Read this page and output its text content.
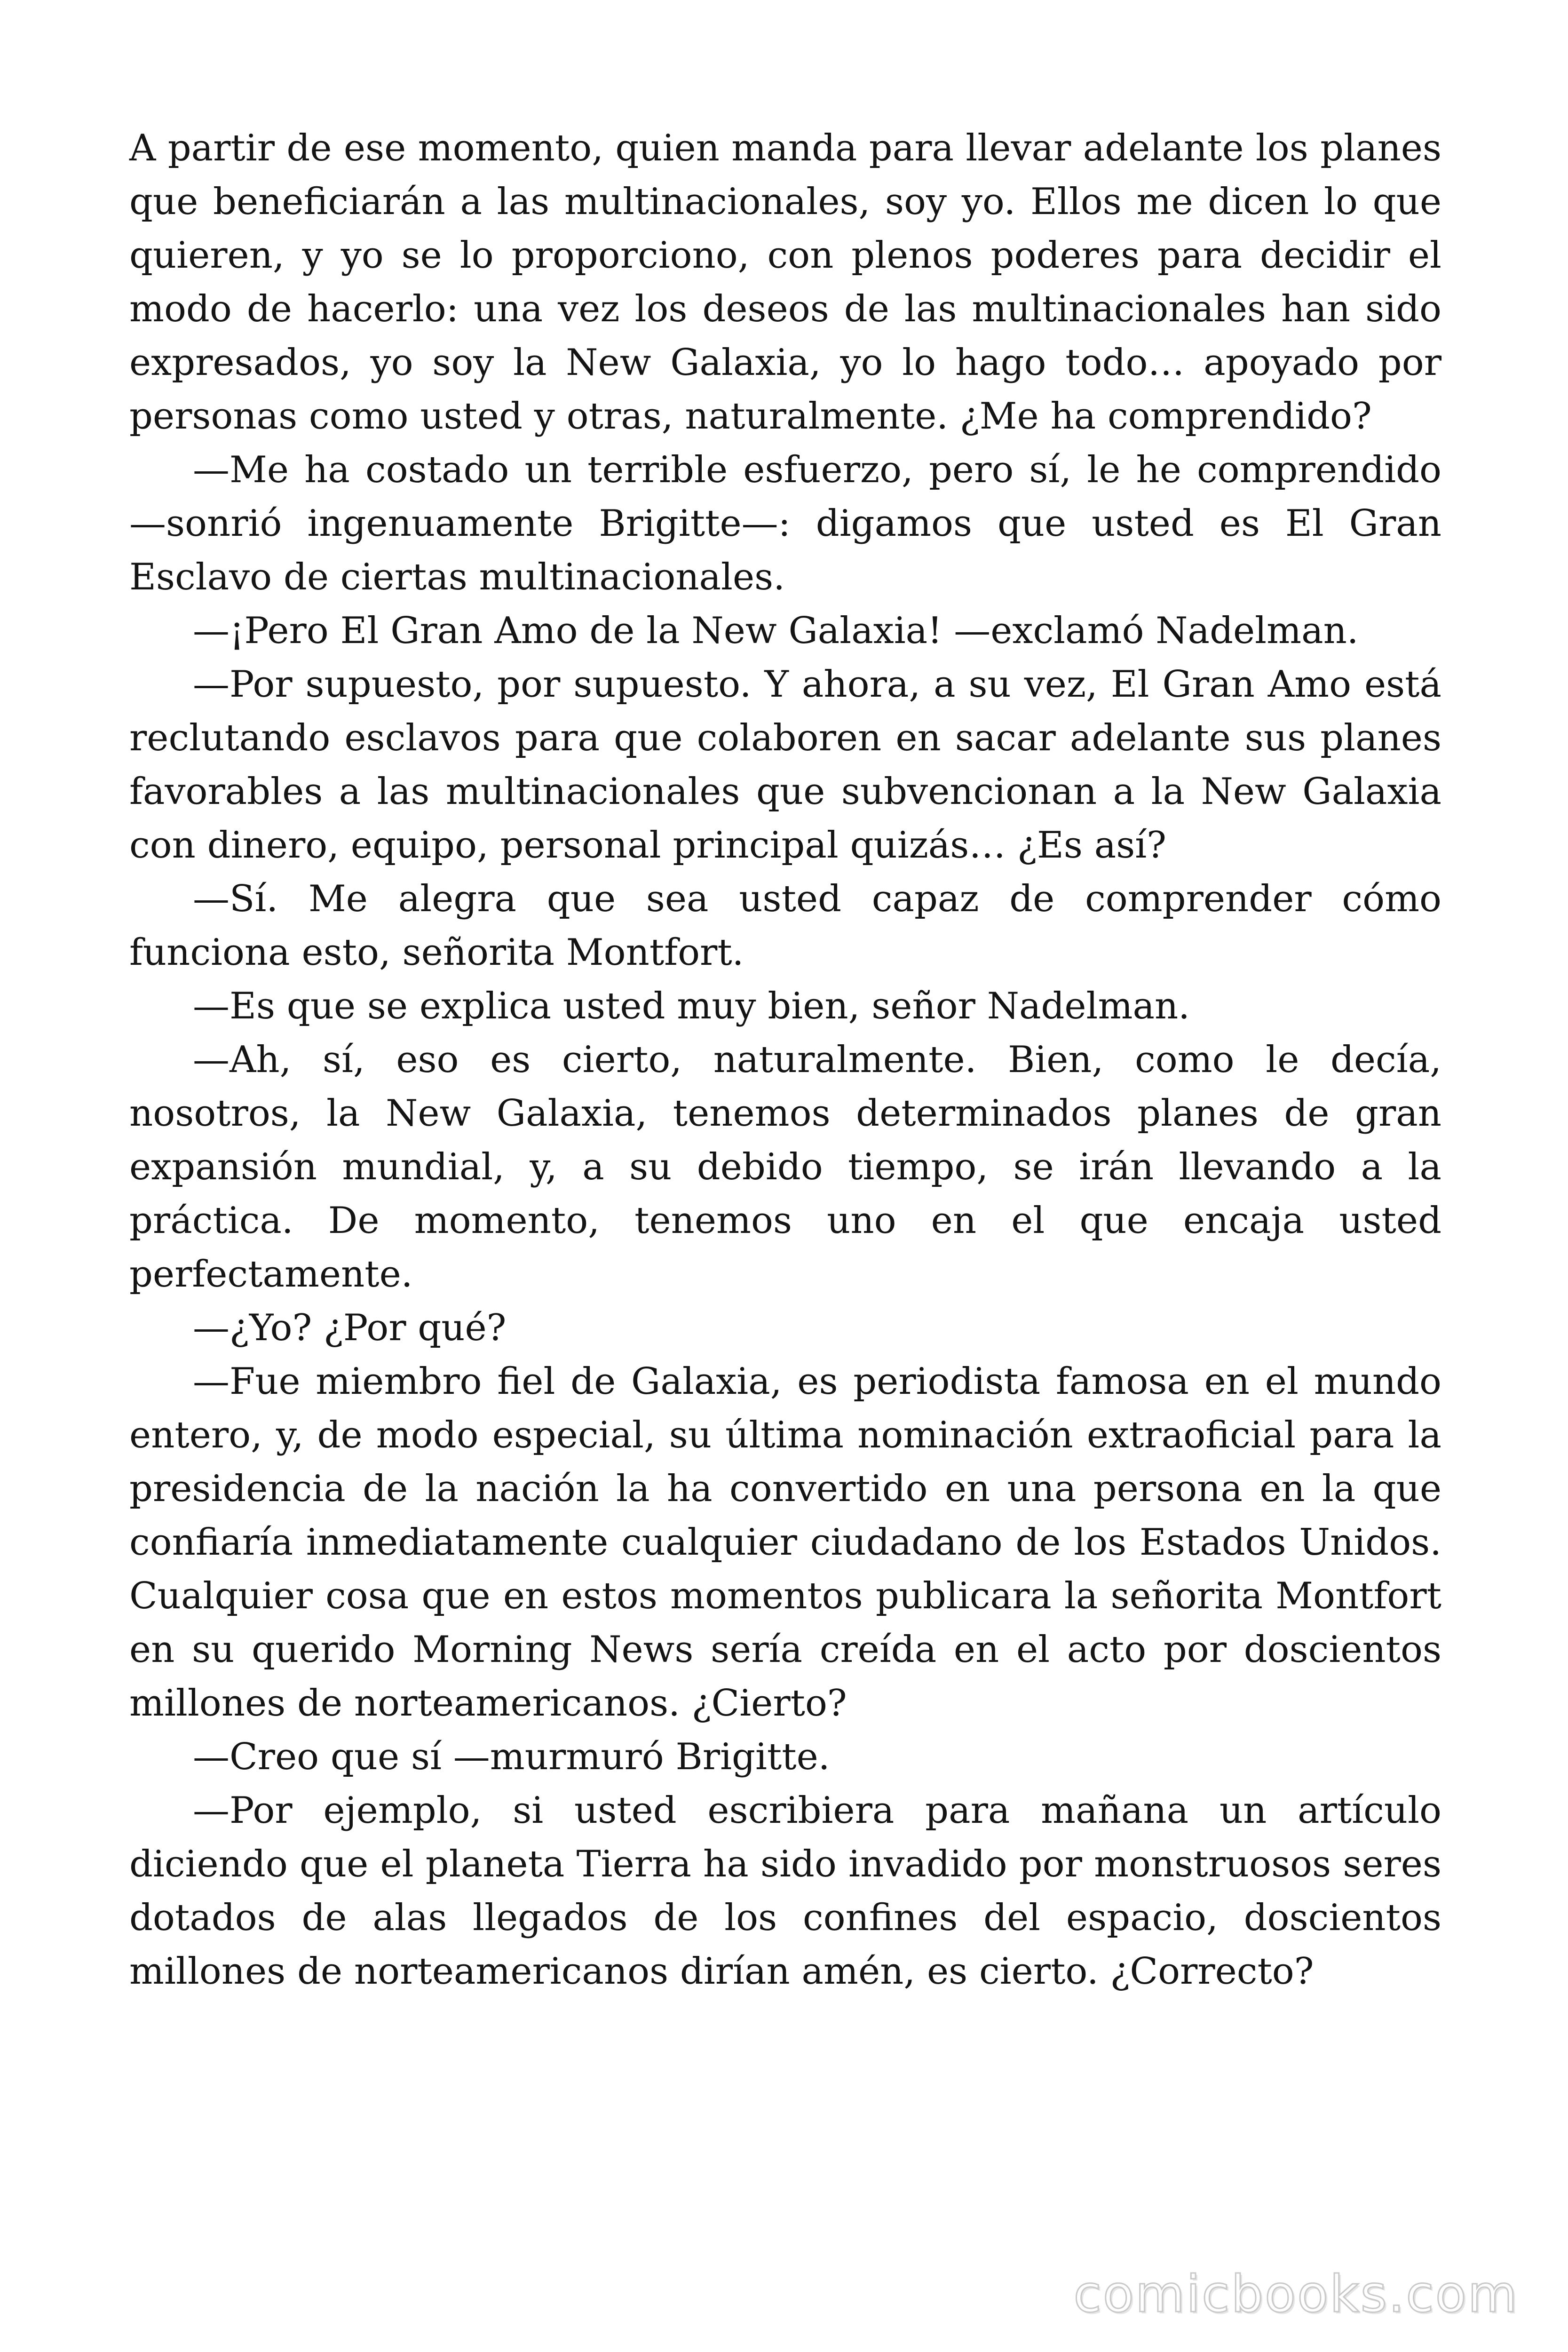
A partir de ese momento, quien manda para llevar adelante los planes que beneficiarán a las multinacionales, soy yo. Ellos me dicen lo que quieren, y yo se lo proporciono, con plenos poderes para decidir el modo de hacerlo: una vez los deseos de las multinacionales han sido expresados, yo soy la New Galaxia, yo lo hago todo… apoyado por personas como usted y otras, naturalmente. ¿Me ha comprendido?

—Me ha costado un terrible esfuerzo, pero sí, le he comprendido —sonrió ingenuamente Brigitte—: digamos que usted es El Gran Esclavo de ciertas multinacionales.

—¡Pero El Gran Amo de la New Galaxia! —exclamó Nadelman.

—Por supuesto, por supuesto. Y ahora, a su vez, El Gran Amo está reclutando esclavos para que colaboren en sacar adelante sus planes favorables a las multinacionales que subvencionan a la New Galaxia con dinero, equipo, personal principal quizás… ¿Es así?

—Sí. Me alegra que sea usted capaz de comprender cómo funciona esto, señorita Montfort.

—Es que se explica usted muy bien, señor Nadelman.

—Ah, sí, eso es cierto, naturalmente. Bien, como le decía, nosotros, la New Galaxia, tenemos determinados planes de gran expansión mundial, y, a su debido tiempo, se irán llevando a la práctica. De momento, tenemos uno en el que encaja usted perfectamente.

—¿Yo? ¿Por qué?

—Fue miembro fiel de Galaxia, es periodista famosa en el mundo entero, y, de modo especial, su última nominación extraoficial para la presidencia de la nación la ha convertido en una persona en la que confiaría inmediatamente cualquier ciudadano de los Estados Unidos. Cualquier cosa que en estos momentos publicara la señorita Montfort en su querido Morning News sería creída en el acto por doscientos millones de norteamericanos. ¿Cierto?

—Creo que sí —murmuró Brigitte.

—Por ejemplo, si usted escribiera para mañana un artículo diciendo que el planeta Tierra ha sido invadido por monstruosos seres dotados de alas llegados de los confines del espacio, doscientos millones de norteamericanos dirían amén, es cierto. ¿Correcto?

comicbooks.com
